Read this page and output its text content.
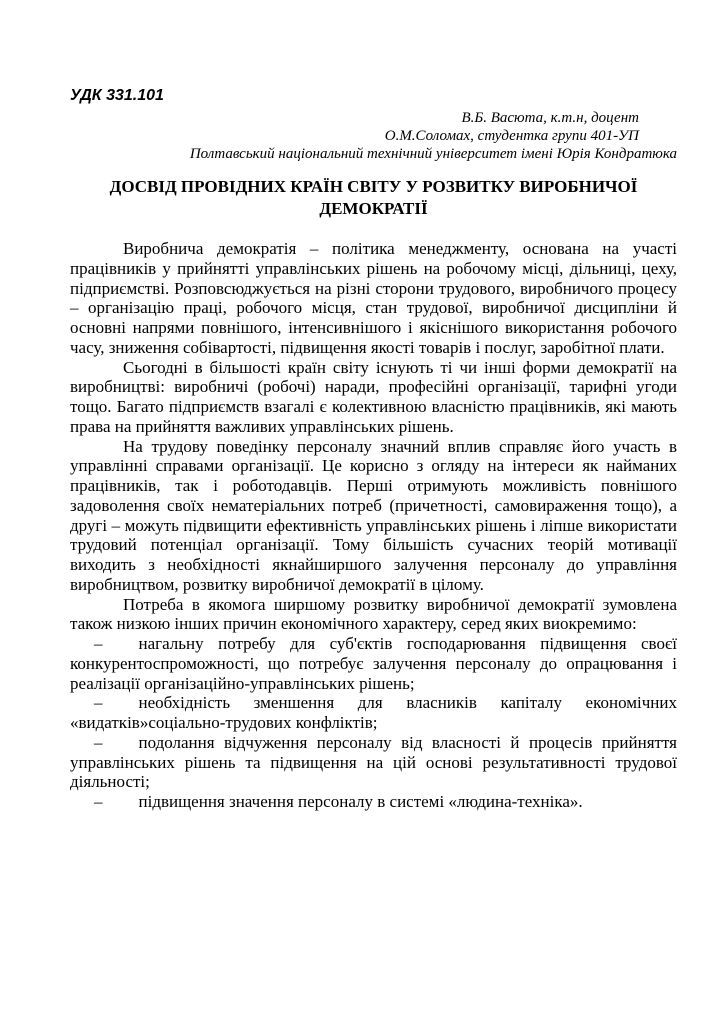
УДК 331.101
В.Б. Васюта, к.т.н, доцент
О.М.Соломах, студентка групи 401-УП
Полтавський національний технічний університет імені Юрія Кондратюка
ДОСВІД ПРОВІДНИХ КРАЇН СВІТУ У РОЗВИТКУ ВИРОБНИЧОЇ ДЕМОКРАТІЇ

Виробнича демократія – політика менеджменту, основана на участі працівників у прийнятті управлінських рішень на робочому місці, дільниці, цеху, підприємстві. Розповсюджується на різні сторони трудового, виробничого процесу – організацію праці, робочого місця, стан трудової, виробничої дисципліни й основні напрями повнішого, інтенсивнішого і якіснішого використання робочого часу, зниження собівартості, підвищення якості товарів і послуг, заробітної плати.

Сьогодні в більшості країн світу існують ті чи інші форми демократії на виробництві: виробничі (робочі) наради, професійні організації, тарифні угоди тощо. Багато підприємств взагалі є колективною власністю працівників, які мають права на прийняття важливих управлінських рішень.

На трудову поведінку персоналу значний вплив справляє його участь в управлінні справами організації. Це корисно з огляду на інтереси як найманих працівників, так і роботодавців. Перші отримують можливість повнішого задоволення своїх нематеріальних потреб (причетності, самовираження тощо), а другі – можуть підвищити ефективність управлінських рішень і ліпше використати трудовий потенціал організації. Тому більшість сучасних теорій мотивації виходить з необхідності якнайширшого залучення персоналу до управління виробництвом, розвитку виробничої демократії в цілому.

Потреба в якомога ширшому розвитку виробничої демократії зумовлена також низкою інших причин економічного характеру, серед яких виокремимо:

– нагальну потребу для суб'єктів господарювання підвищення своєї конкурентоспроможності, що потребує залучення персоналу до опрацювання і реалізації організаційно-управлінських рішень;

– необхідність зменшення для власників капіталу економічних «видатків»соціально-трудових конфліктів;

– подолання відчуження персоналу від власності й процесів прийняття управлінських рішень та підвищення на цій основі результативності трудової діяльності;

– підвищення значення персоналу в системі «людина-техніка».
